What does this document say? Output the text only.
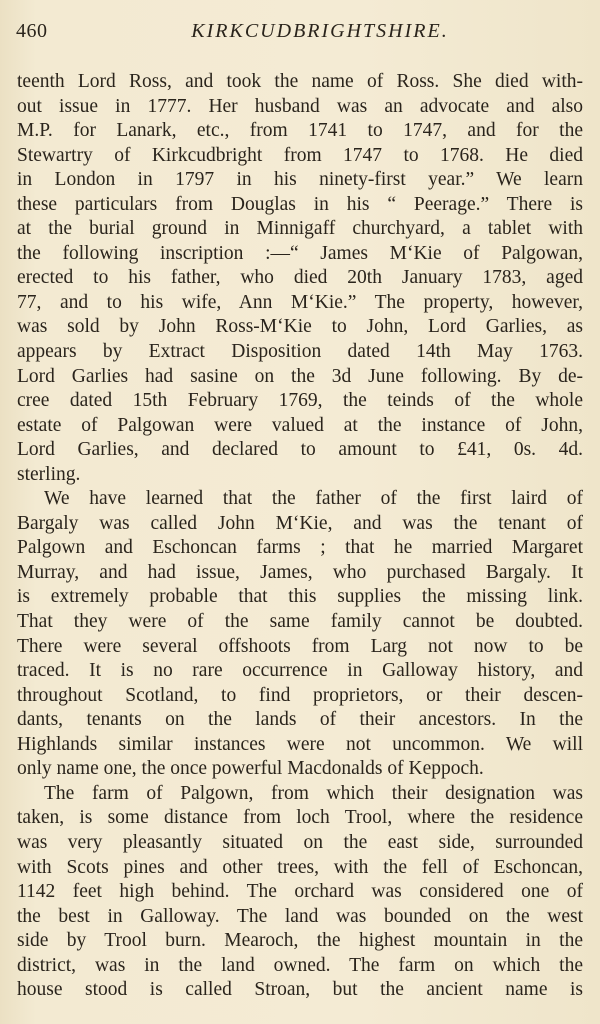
460	KIRKCUDBRIGHTSHIRE.
teenth Lord Ross, and took the name of Ross. She died with-
out issue in 1777. Her husband was an advocate and also
M.P. for Lanark, etc., from 1741 to 1747, and for the
Stewartry of Kirkcudbright from 1747 to 1768. He died
in London in 1797 in his ninety-first year.” We learn
these particulars from Douglas in his “ Peerage.” There is
at the burial ground in Minnigaff churchyard, a tablet with
the following inscription :—“ James M‘Kie of Palgowan,
erected to his father, who died 20th January 1783, aged
77, and to his wife, Ann M‘Kie.” The property, however,
was sold by John Ross-M‘Kie to John, Lord Garlies, as
appears by Extract Disposition dated 14th May 1763.
Lord Garlies had sasine on the 3d June following. By de-
cree dated 15th February 1769, the teinds of the whole
estate of Palgowan were valued at the instance of John,
Lord Garlies, and declared to amount to £41, 0s. 4d.
sterling.
We have learned that the father of the first laird of
Bargaly was called John M‘Kie, and was the tenant of
Palgown and Eschoncan farms ; that he married Margaret
Murray, and had issue, James, who purchased Bargaly. It
is extremely probable that this supplies the missing link.
That they were of the same family cannot be doubted.
There were several offshoots from Larg not now to be
traced. It is no rare occurrence in Galloway history, and
throughout Scotland, to find proprietors, or their descen-
dants, tenants on the lands of their ancestors. In the
Highlands similar instances were not uncommon. We will
only name one, the once powerful Macdonalds of Keppoch.
The farm of Palgown, from which their designation was
taken, is some distance from loch Trool, where the residence
was very pleasantly situated on the east side, surrounded
with Scots pines and other trees, with the fell of Eschoncan,
1142 feet high behind. The orchard was considered one of
the best in Galloway. The land was bounded on the west
side by Trool burn. Mearoch, the highest mountain in the
district, was in the land owned. The farm on which the
house stood is called Stroan, but the ancient name is
